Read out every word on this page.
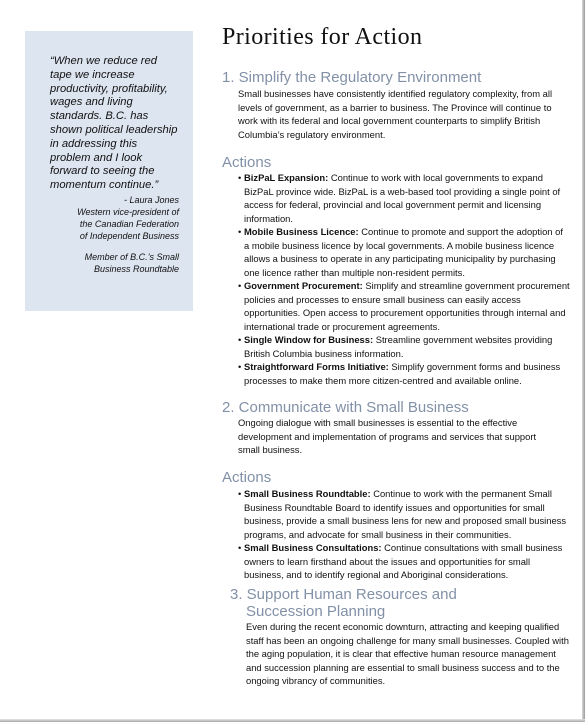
“When we reduce red tape we increase productivity, profitability, wages and living standards. B.C. has shown political leadership in addressing this problem and I look forward to seeing the momentum continue.”

- Laura Jones
Western vice-president of
the Canadian Federation
of Independent Business
Member of B.C.’s Small
Business Roundtable
Priorities for Action
1. Simplify the Regulatory Environment

Small businesses have consistently identified regulatory complexity, from all levels of government, as a barrier to business. The Province will continue to work with its federal and local government counterparts to simplify British Columbia’s regulatory environment.

Actions
• BizPaL Expansion: Continue to work with local governments to expand BizPaL province wide. BizPaL is a web-based tool providing a single point of access for federal, provincial and local government permit and licensing information.
• Mobile Business Licence: Continue to promote and support the adoption of a mobile business licence by local governments. A mobile business licence allows a business to operate in any participating municipality by purchasing one licence rather than multiple non-resident permits.
• Government Procurement: Simplify and streamline government procurement policies and processes to ensure small business can easily access opportunities. Open access to procurement opportunities through internal and international trade or procurement agreements.
• Single Window for Business: Streamline government websites providing British Columbia business information.
• Straightforward Forms Initiative: Simplify government forms and business processes to make them more citizen-centred and available online.
2. Communicate with Small Business

Ongoing dialogue with small businesses is essential to the effective development and implementation of programs and services that support small business.

Actions
• Small Business Roundtable: Continue to work with the permanent Small Business Roundtable Board to identify issues and opportunities for small business, provide a small business lens for new and proposed small business programs, and advocate for small business in their communities.
• Small Business Consultations: Continue consultations with small business owners to learn firsthand about the issues and opportunities for small business, and to identify regional and Aboriginal considerations.
3. Support Human Resources and
Succession Planning

Even during the recent economic downturn, attracting and keeping qualified staff has been an ongoing challenge for many small businesses. Coupled with the aging population, it is clear that effective human resource management and succession planning are essential to small business success and to the ongoing vibrancy of communities.
